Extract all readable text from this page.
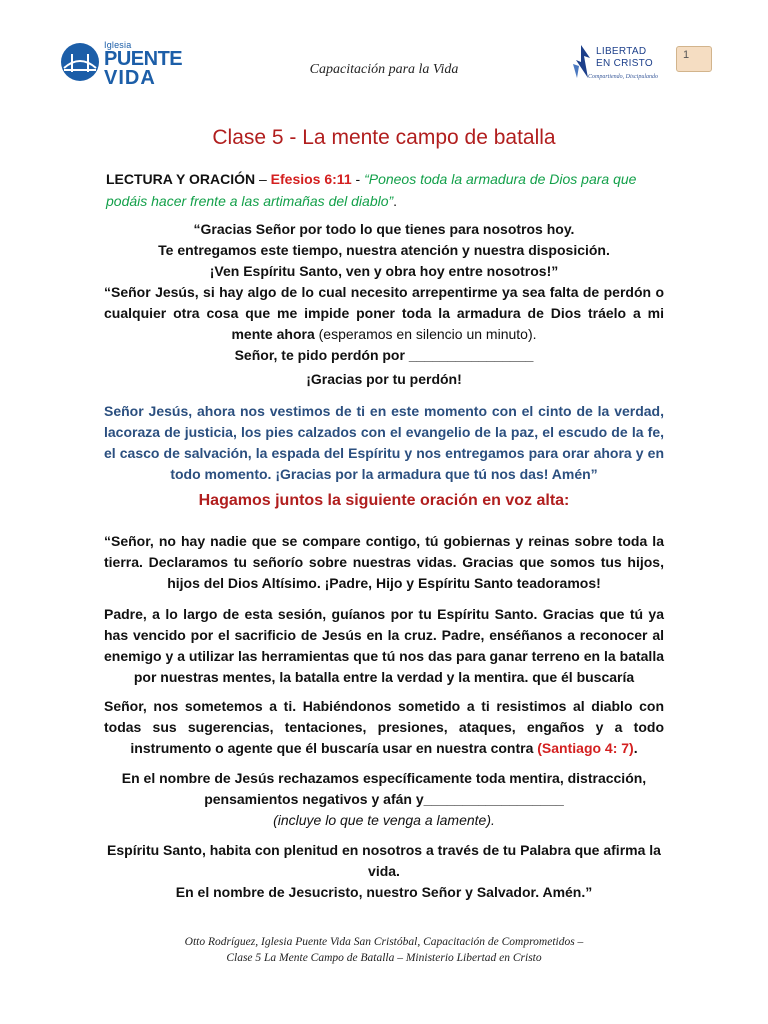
Iglesia
PUENTE
VIDA	Capacitación para la Vida
LIBERTAD
EN CRISTO
Compartiendo, Discipulando
1
Clase 5 - La mente campo de batalla
LECTURA Y ORACIÓN – Efesios 6:11 - “Poneos toda la armadura de Dios para que podáis hacer frente a las artimañas del diablo”.
“Gracias Señor por todo lo que tienes para nosotros hoy.
Te entregamos este tiempo, nuestra atención y nuestra disposición.
¡Ven Espíritu Santo, ven y obra hoy entre nosotros!”
“Señor Jesús, si hay algo de lo cual necesito arrepentirme ya sea falta de perdón o cualquier otra cosa que me impide poner toda la armadura de Dios tráelo a mi mente ahora (esperamos en silencio un minuto).
Señor, te pido perdón por ________________
¡Gracias por tu perdón!
Señor Jesús, ahora nos vestimos de ti en este momento con el cinto de la verdad, lacoraza de justicia, los pies calzados con el evangelio de la paz, el escudo de la fe, el casco de salvación, la espada del Espíritu y nos entregamos para orar ahora y en todo momento. ¡Gracias por la armadura que tú nos das! Amén”
Hagamos juntos la siguiente oración en voz alta:
“Señor, no hay nadie que se compare contigo, tú gobiernas y reinas sobre toda la tierra. Declaramos tu señorío sobre nuestras vidas. Gracias que somos tus hijos, hijos del Dios Altísimo. ¡Padre, Hijo y Espíritu Santo teadoramos!
Padre, a lo largo de esta sesión, guíanos por tu Espíritu Santo. Gracias que tú ya has vencido por el sacrificio de Jesús en la cruz. Padre, enséñanos a reconocer al enemigo y a utilizar las herramientas que tú nos das para ganar terreno en la batalla por nuestras mentes, la batalla entre la verdad y la mentira. que él buscaría
Señor, nos sometemos a ti. Habiéndonos sometido a ti resistimos al diablo con todas sus sugerencias, tentaciones, presiones, ataques, engaños y a todo instrumento o agente que él buscaría usar en nuestra contra (Santiago 4: 7).
En el nombre de Jesús rechazamos específicamente toda mentira, distracción,
pensamientos negativos y afán y__________________
(incluye lo que te venga a lamente).
Espíritu Santo, habita con plenitud en nosotros a través de tu Palabra que afirma la vida.
En el nombre de Jesucristo, nuestro Señor y Salvador. Amén.”
Otto Rodríguez, Iglesia Puente Vida San Cristóbal, Capacitación de Comprometidos –
Clase 5 La Mente Campo de Batalla – Ministerio Libertad en Cristo
